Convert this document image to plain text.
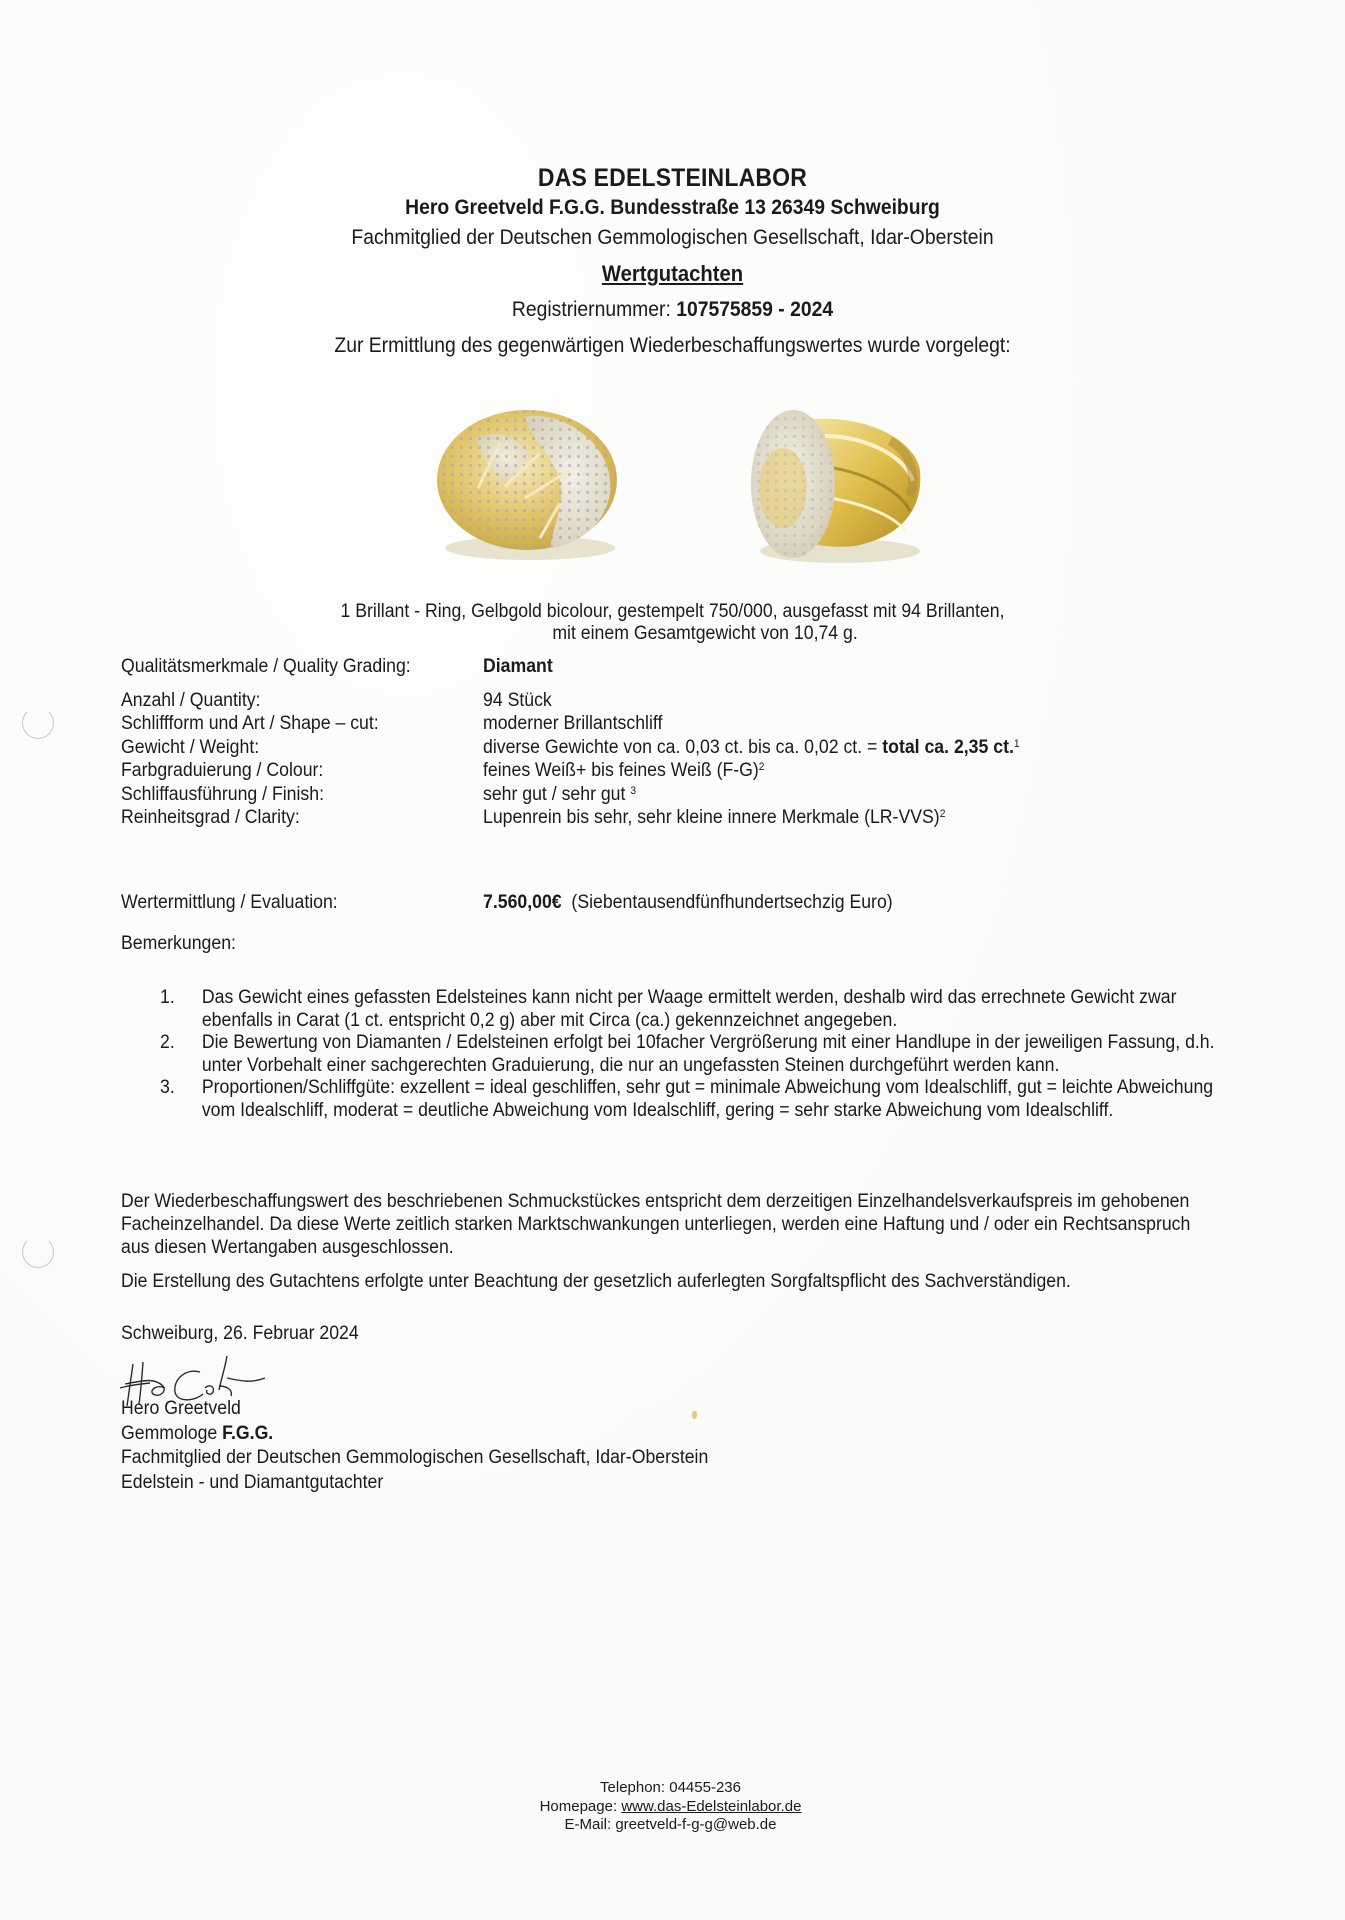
DAS EDELSTEINLABOR
Hero Greetveld F.G.G. Bundesstraße 13 26349 Schweiburg
Fachmitglied der Deutschen Gemmologischen Gesellschaft, Idar-Oberstein
Wertgutachten
Registriernummer: 107575859 - 2024
Zur Ermittlung des gegenwärtigen Wiederbeschaffungswertes wurde vorgelegt:
1 Brillant - Ring, Gelbgold bicolour, gestempelt 750/000, ausgefasst mit 94 Brillanten,
mit einem Gesamtgewicht von 10,74 g.
Qualitätsmerkmale / Quality Grading:	Diamant
Anzahl / Quantity:	94 Stück
Schliffform und Art / Shape – cut:	moderner Brillantschliff
Gewicht / Weight:	diverse Gewichte von ca. 0,03 ct. bis ca. 0,02 ct. = total ca. 2,35 ct.$^1$
Farbgraduierung / Colour:	feines Weiß+ bis feines Weiß $(F-G)^2$
Schliffausführung / Finish:	sehr gut / sehr gut $^3$
Reinheitsgrad / Clarity:	Lupenrein bis sehr, sehr kleine innere Merkmale $(LR-VVS)^2$
Wertermittlung / Evaluation:	7.560,00€ (Siebentausendfünfhundertsechzig Euro)
Bemerkungen:
1.	Das Gewicht eines gefassten Edelsteines kann nicht per Waage ermittelt werden, deshalb wird das errechnete Gewicht zwar ebenfalls in Carat (1 ct. entspricht 0,2 g) aber mit Circa (ca.) gekennzeichnet angegeben.
2.	Die Bewertung von Diamanten / Edelsteinen erfolgt bei 10facher Vergrößerung mit einer Handlupe in der jeweiligen Fassung, d.h. unter Vorbehalt einer sachgerechten Graduierung, die nur an ungefassten Steinen durchgeführt werden kann.
3.	Proportionen/Schliffgüte: exzellent = ideal geschliffen, sehr gut = minimale Abweichung vom Idealschliff, gut = leichte Abweichung vom Idealschliff, moderat = deutliche Abweichung vom Idealschliff, gering = sehr starke Abweichung vom Idealschliff.
Der Wiederbeschaffungswert des beschriebenen Schmuckstückes entspricht dem derzeitigen Einzelhandelsverkaufspreis im gehobenen Facheinzelhandel. Da diese Werte zeitlich starken Marktschwankungen unterliegen, werden eine Haftung und / oder ein Rechtsanspruch aus diesen Wertangaben ausgeschlossen.
Die Erstellung des Gutachtens erfolgte unter Beachtung der gesetzlich auferlegten Sorgfaltspflicht des Sachverständigen.
Schweiburg, 26. Februar 2024
Hero Greetveld
Gemmologe F.G.G.
Fachmitglied der Deutschen Gemmologischen Gesellschaft, Idar-Oberstein
Edelstein - und Diamantgutachter
Telephon: 04455-236
Homepage: www.das-Edelsteinlabor.de
E-Mail: greetveld-f-g-g@web.de
